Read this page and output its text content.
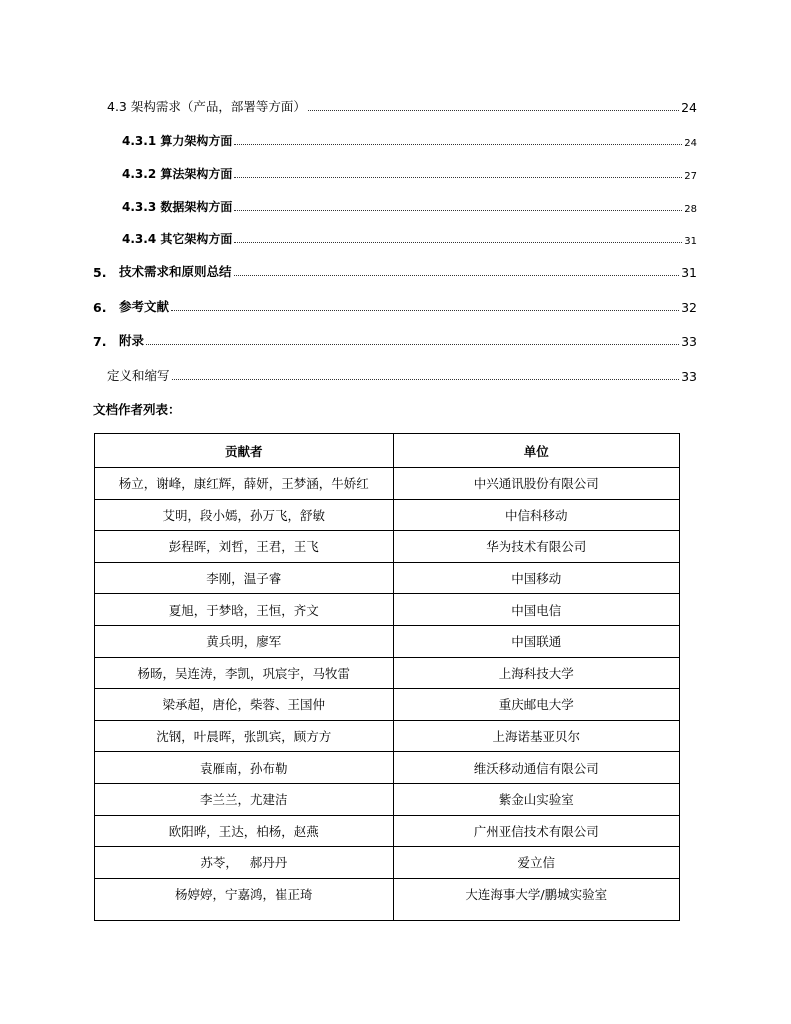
4.3 架构需求（产品，部署等方面）	24
4.3.1 算力架构方面	24
4.3.2 算法架构方面	27
4.3.3 数据架构方面	28
4.3.4 其它架构方面	31
5.	技术需求和原则总结	31
6.	参考文献	32
7.	附录	33
定义和缩写	33
文档作者列表：
贡献者	单位
杨立，谢峰，康红辉，薛妍，王梦涵，牛娇红	中兴通讯股份有限公司
艾明，段小嫣，孙万飞，舒敏	中信科移动
彭程晖，刘哲，王君，王飞	华为技术有限公司
李刚，温子睿	中国移动
夏旭，于梦晗，王恒，齐文	中国电信
黄兵明，廖军	中国联通
杨旸，吴连涛，李凯，巩宸宇，马牧雷	上海科技大学
梁承超，唐伦，柴蓉、王国仲	重庆邮电大学
沈钢，叶晨晖，张凯宾，顾方方	上海诺基亚贝尔
袁雁南，孙布勒	维沃移动通信有限公司
李兰兰，尤建洁	紫金山实验室
欧阳晔，王达，柏杨，赵燕	广州亚信技术有限公司
苏苓，   郝丹丹	爱立信
杨婷婷，宁嘉鸿，崔正琦	大连海事大学/鹏城实验室
